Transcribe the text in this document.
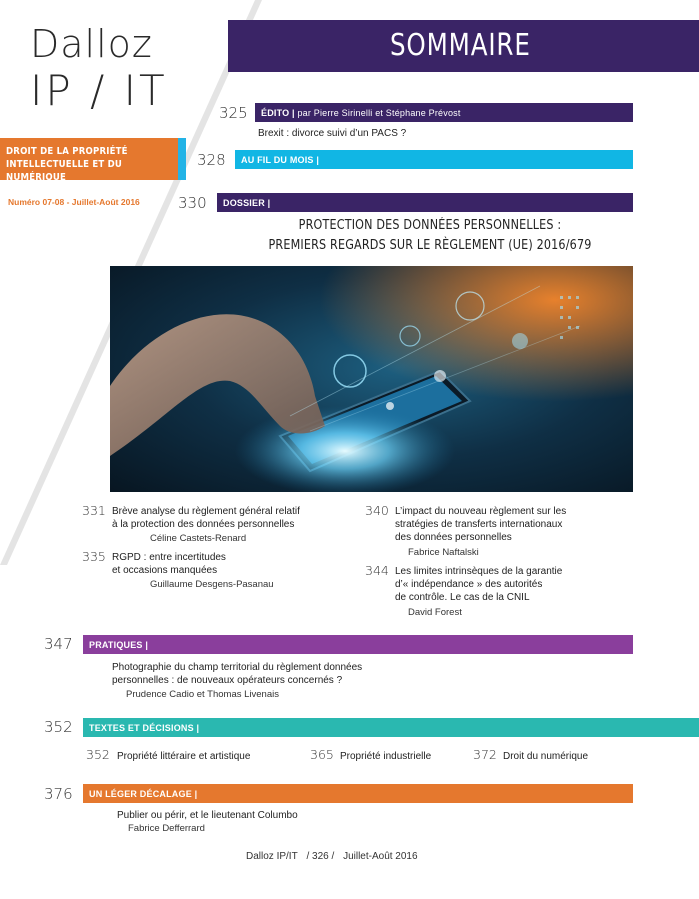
Dalloz
IP / IT
DROIT DE LA PROPRIÉTÉ
INTELLECTUELLE ET DU NUMÉRIQUE
Numéro 07-08 - Juillet-Août 2016
SOMMAIRE
325	ÉDITO | par Pierre Sirinelli et Stéphane Prévost
Brexit : divorce suivi d’un PACS ?
328	AU FIL DU MOIS |
330	DOSSIER |
PROTECTION DES DONNÉES PERSONNELLES :
PREMIERS REGARDS SUR LE RÈGLEMENT (UE) 2016/679
331 Brève analyse du règlement général relatif
à la protection des données personnelles
Céline Castets-Renard
335 RGPD : entre incertitudes
et occasions manquées
Guillaume Desgens-Pasanau
340 L’impact du nouveau règlement sur les
stratégies de transferts internationaux
des données personnelles
Fabrice Naftalski
344 Les limites intrinsèques de la garantie
d’« indépendance » des autorités
de contrôle. Le cas de la CNIL
David Forest
347	PRATIQUES |
Photographie du champ territorial du règlement données
personnelles : de nouveaux opérateurs concernés ?
Prudence Cadio et Thomas Livenais
352	TEXTES ET DÉCISIONS |
352 Propriété littéraire et artistique	365 Propriété industrielle	372 Droit du numérique
376	UN LÉGER DÉCALAGE |
Publier ou périr, et le lieutenant Columbo
Fabrice Defferrard
Dalloz IP/IT / 326 / Juillet-Août 2016
